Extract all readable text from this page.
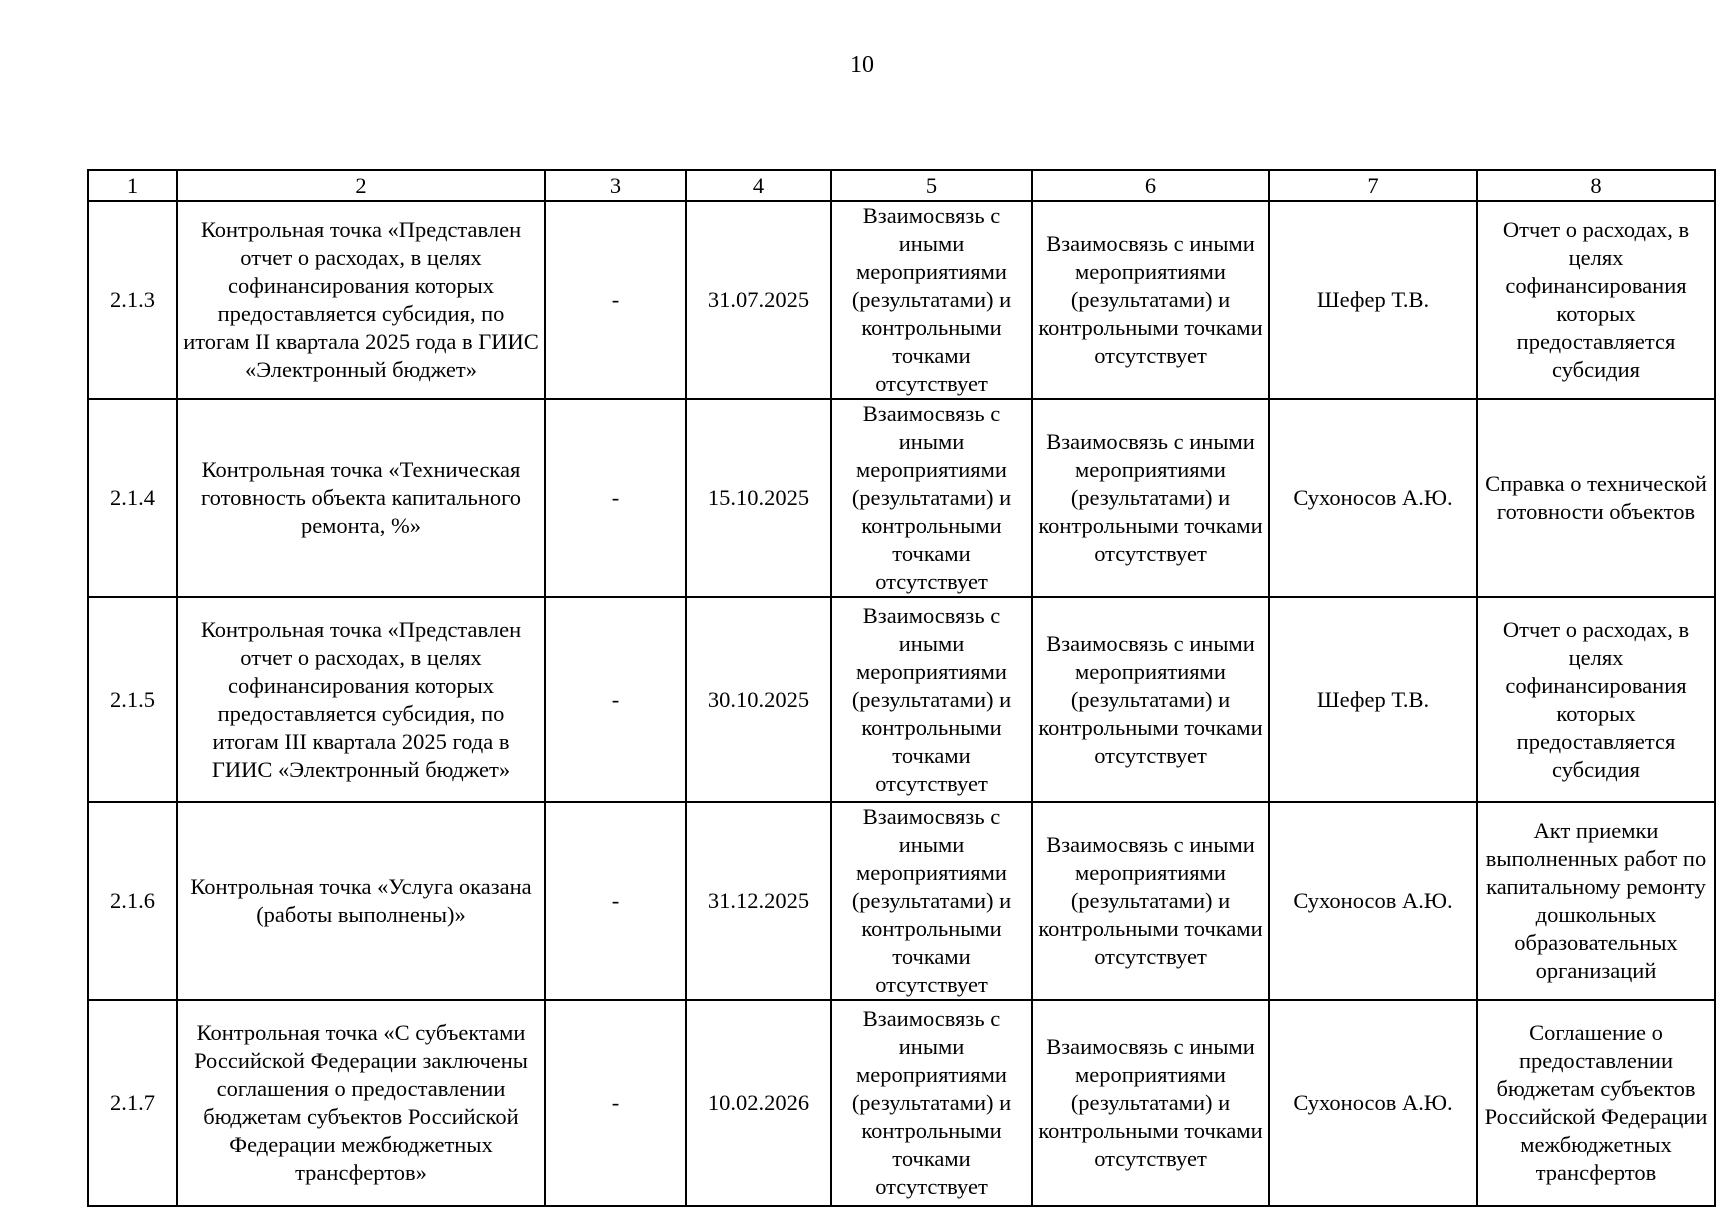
10
1	2	3	4	5	6	7	8
2.1.3	Контрольная точка «Представлен отчет о расходах, в целях софинансирования которых предоставляется субсидия, по итогам II квартала 2025 года в ГИИС «Электронный бюджет»	-	31.07.2025	Взаимосвязь с иными мероприятиями (результатами) и контрольными точками отсутствует	Взаимосвязь с иными мероприятиями (результатами) и контрольными точками отсутствует	Шефер Т.В.	Отчет о расходах, в целях софинансирования которых предоставляется субсидия
2.1.4	Контрольная точка «Техническая готовность объекта капитального ремонта, %»	-	15.10.2025	Взаимосвязь с иными мероприятиями (результатами) и контрольными точками отсутствует	Взаимосвязь с иными мероприятиями (результатами) и контрольными точками отсутствует	Сухоносов А.Ю.	Справка о технической готовности объектов
2.1.5	Контрольная точка «Представлен отчет о расходах, в целях софинансирования которых предоставляется субсидия, по итогам III квартала 2025 года в ГИИС «Электронный бюджет»	-	30.10.2025	Взаимосвязь с иными мероприятиями (результатами) и контрольными точками отсутствует	Взаимосвязь с иными мероприятиями (результатами) и контрольными точками отсутствует	Шефер Т.В.	Отчет о расходах, в целях софинансирования которых предоставляется субсидия
2.1.6	Контрольная точка «Услуга оказана (работы выполнены)»	-	31.12.2025	Взаимосвязь с иными мероприятиями (результатами) и контрольными точками отсутствует	Взаимосвязь с иными мероприятиями (результатами) и контрольными точками отсутствует	Сухоносов А.Ю.	Акт приемки выполненных работ по капитальному ремонту дошкольных образовательных организаций
2.1.7	Контрольная точка «С субъектами Российской Федерации заключены соглашения о предоставлении бюджетам субъектов Российской Федерации межбюджетных трансфертов»	-	10.02.2026	Взаимосвязь с иными мероприятиями (результатами) и контрольными точками отсутствует	Взаимосвязь с иными мероприятиями (результатами) и контрольными точками отсутствует	Сухоносов А.Ю.	Соглашение о предоставлении бюджетам субъектов Российской Федерации межбюджетных трансфертов
